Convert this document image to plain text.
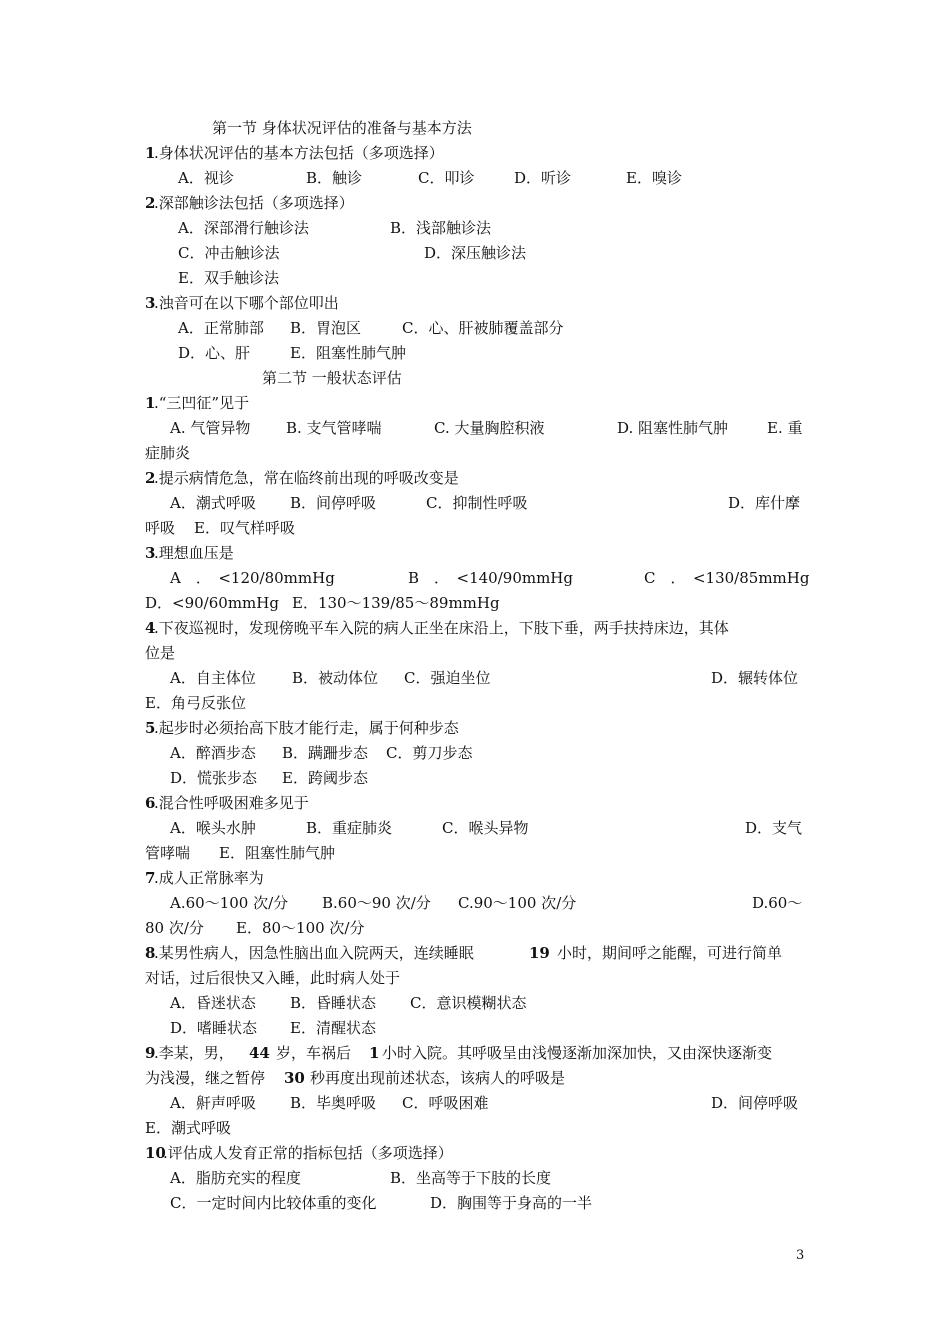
第一节 身体状况评估的准备与基本方法

1

.身体状况评估的基本方法包括（多项选择）

A．视诊

	B．触诊

	C．叩诊

	D．听诊

	E．嗅诊

2

.深部触诊法包括（多项选择）

A．深部滑行触诊法

	B．浅部触诊法

C．冲击触诊法

	D．深压触诊法

E．双手触诊法

3

.浊音可在以下哪个部位叩出

A．正常肺部

B．胃泡区

	C．心、肝被肺覆盖部分

D．心、肝

	E．阻塞性肺气肿

第二节 一般状态评估

1

.“三凹征”见于

A. 气管异物

B. 支气管哮喘

	C. 大量胸腔积液

	D. 阻塞性肺气肿

	E. 重

症肺炎

2

.提示病情危急，常在临终前出现的呼吸改变是

A．潮式呼吸

B．间停呼吸

	C．抑制性呼吸

	D．库什摩

呼吸

E．叹气样呼吸

3

.理想血压是

A　．　<120/80mmHg

	B　．　<140/90mmHg

	C　．　<130/85mmHg

D．<90/60mmHg

E．130～139/85～89mmHg

4

.下夜巡视时，发现傍晚平车入院的病人正坐在床沿上，下肢下垂，两手扶持床边，其体

位是

A．自主体位

B．被动体位

C．强迫坐位

	D．辗转体位

E．角弓反张位

5

.起步时必须抬高下肢才能行走，属于何种步态

A．醉酒步态

B．蹒跚步态

C．剪刀步态

D．慌张步态

E．跨阈步态

6

.混合性呼吸困难多见于

A．喉头水肿

	B．重症肺炎

	C．喉头异物

	D．支气

管哮喘

E．阻塞性肺气肿

7

.成人正常脉率为

A.60～100 次/分

B.60～90 次/分

C.90～100 次/分

	D.60～

80 次/分

E．80～100 次/分

8

.某男性病人，因急性脑出血入院两天，连续睡眠

	19

小时，期间呼之能醒，可进行简单

对话，过后很快又入睡，此时病人处于

A．昏迷状态

B．昏睡状态

C．意识模糊状态

D．嗜睡状态

E．清醒状态

9

.李某，男，

44

岁，车祸后

1

小时入院。其呼吸呈由浅慢逐渐加深加快，又由深快逐渐变

为浅漫，继之暂停

30

秒再度出现前述状态，该病人的呼吸是

A．鼾声呼吸

B．毕奥呼吸

C．呼吸困难

	D．间停呼吸

E．潮式呼吸

10

.评估成人发育正常的指标包括（多项选择）

A．脂肪充实的程度

	B．坐高等于下肢的长度

C．一定时间内比较体重的变化

	D．胸围等于身高的一半

3
